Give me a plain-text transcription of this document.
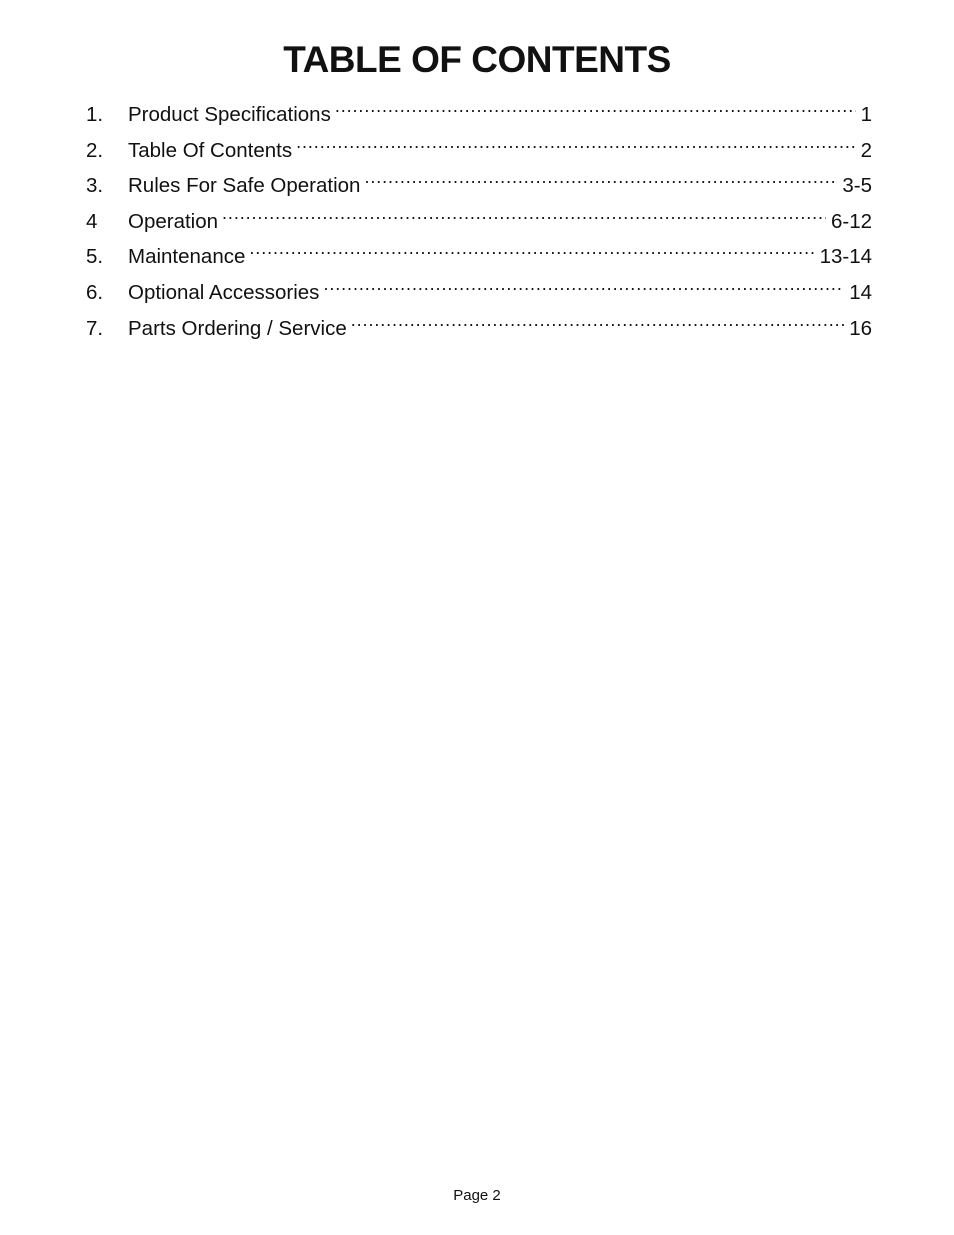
TABLE OF CONTENTS
1.	Product Specifications .....	1
2.	Table Of Contents .....	2
3.	Rules For Safe Operation .....	3-5
4	Operation .....	6-12
5.	Maintenance .....	13-14
6.	Optional Accessories .....	14
7.	Parts Ordering / Service .....	16
Page 2
